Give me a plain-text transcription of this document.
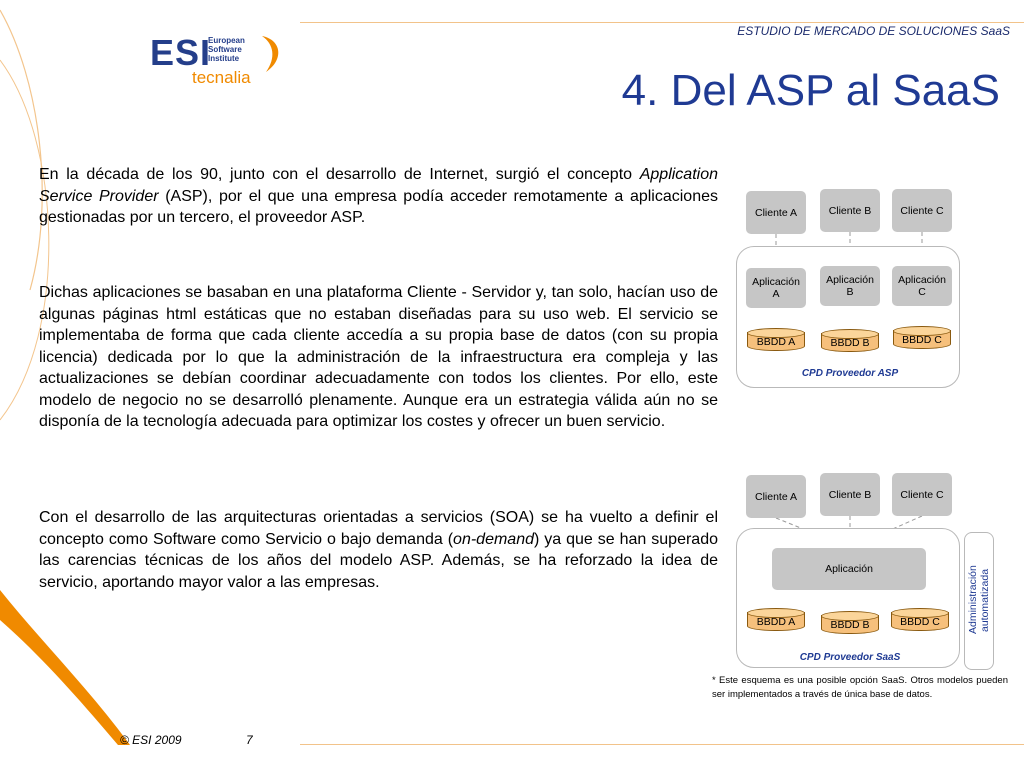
ESTUDIO DE MERCADO DE SOLUCIONES SaaS
ESI
European
Software
Institute
tecnalia	4. Del ASP al SaaS
En la década de los 90, junto con el desarrollo de Internet, surgió el concepto Application Service Provider (ASP), por el que una empresa podía acceder remotamente a aplicaciones gestionadas por un tercero, el proveedor ASP.
Dichas aplicaciones se basaban en una plataforma Cliente - Servidor y, tan solo, hacían uso de algunas páginas html estáticas que no estaban diseñadas para su uso web. El servicio se implementaba de forma que cada cliente accedía a su propia base de datos (con su propia licencia) dedicada por lo que la administración de la infraestructura era compleja y las actualizaciones se debían coordinar adecuadamente con todos los clientes. Por ello, este modelo de negocio no se desarrolló plenamente. Aunque era un estrategia válida aún no se disponía de la tecnología adecuada para optimizar los costes y ofrecer un buen servicio.
Con el desarrollo de las arquitecturas orientadas a servicios (SOA) se ha vuelto a definir el concepto como Software como Servicio o bajo demanda (on-demand) ya que se han superado las carencias técnicas de los años del modelo ASP. Además, se ha reforzado la idea de servicio, aportando mayor valor a las empresas.
Cliente A	Cliente B	Cliente C
Aplicación
A
Aplicación
B
Aplicación
C
BBDD A	BBDD B	BBDD C
CPD Proveedor ASP
Cliente A	Cliente B	Cliente C
Aplicación
BBDD A	BBDD B	BBDD C
CPD Proveedor SaaS
Administración automatizada
* Este esquema es una posible opción SaaS. Otros modelos pueden ser implementados a través de única base de datos.
© ESI 2009	7
